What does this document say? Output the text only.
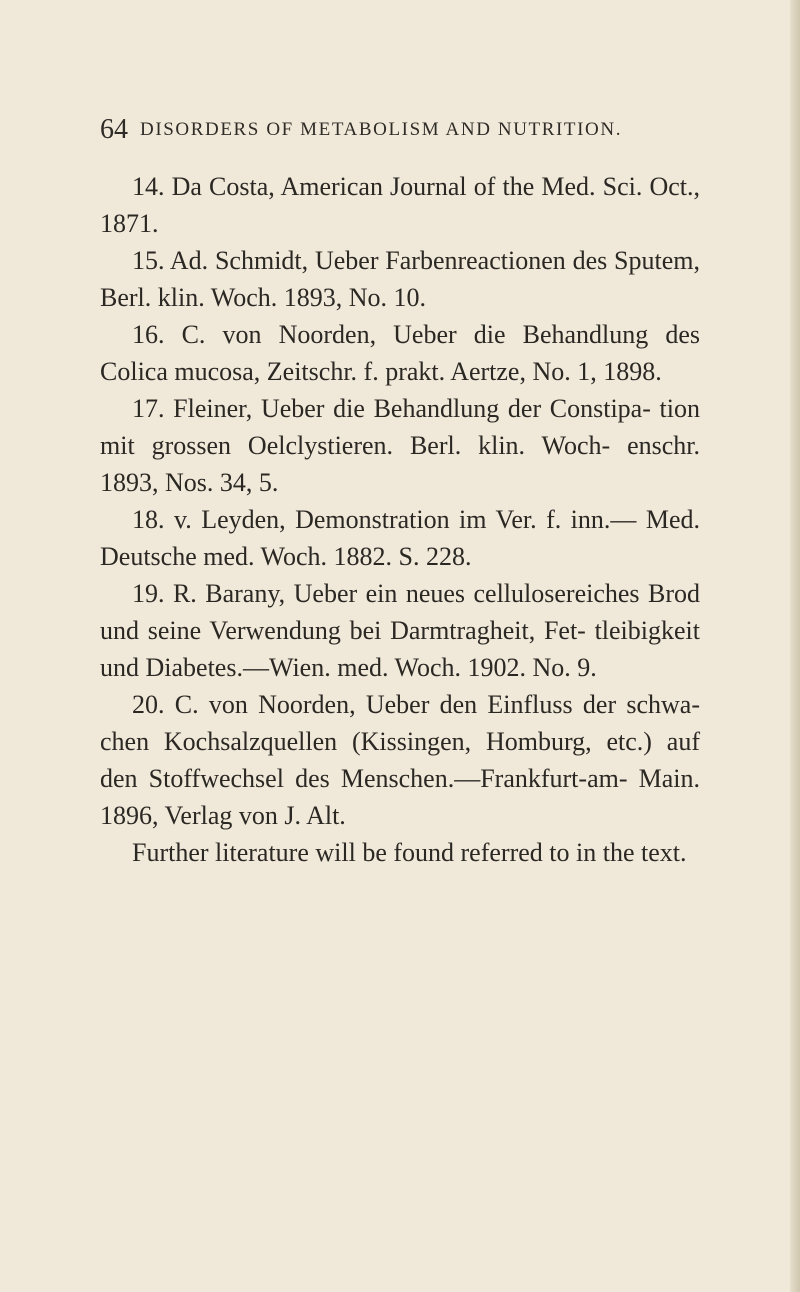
64 DISORDERS OF METABOLISM AND NUTRITION.

14. Da Costa, American Journal of the Med. Sci. Oct., 1871.

15. Ad. Schmidt, Ueber Farbenreactionen des Sputem, Berl. klin. Woch. 1893, No. 10.

16. C. von Noorden, Ueber die Behandlung des Colica mucosa, Zeitschr. f. prakt. Aertze, No. 1, 1898.

17. Fleiner, Ueber die Behandlung der Constipa- tion mit grossen Oelclystieren. Berl. klin. Woch- enschr. 1893, Nos. 34, 5.

18. v. Leyden, Demonstration im Ver. f. inn.— Med. Deutsche med. Woch. 1882. S. 228.

19. R. Barany, Ueber ein neues cellulosereiches Brod und seine Verwendung bei Darmtragheit, Fet- tleibigkeit und Diabetes.—Wien. med. Woch. 1902. No. 9.

20. C. von Noorden, Ueber den Einfluss der schwa- chen Kochsalzquellen (Kissingen, Homburg, etc.) auf den Stoffwechsel des Menschen.—Frankfurt-am- Main. 1896, Verlag von J. Alt.

Further literature will be found referred to in the text.
